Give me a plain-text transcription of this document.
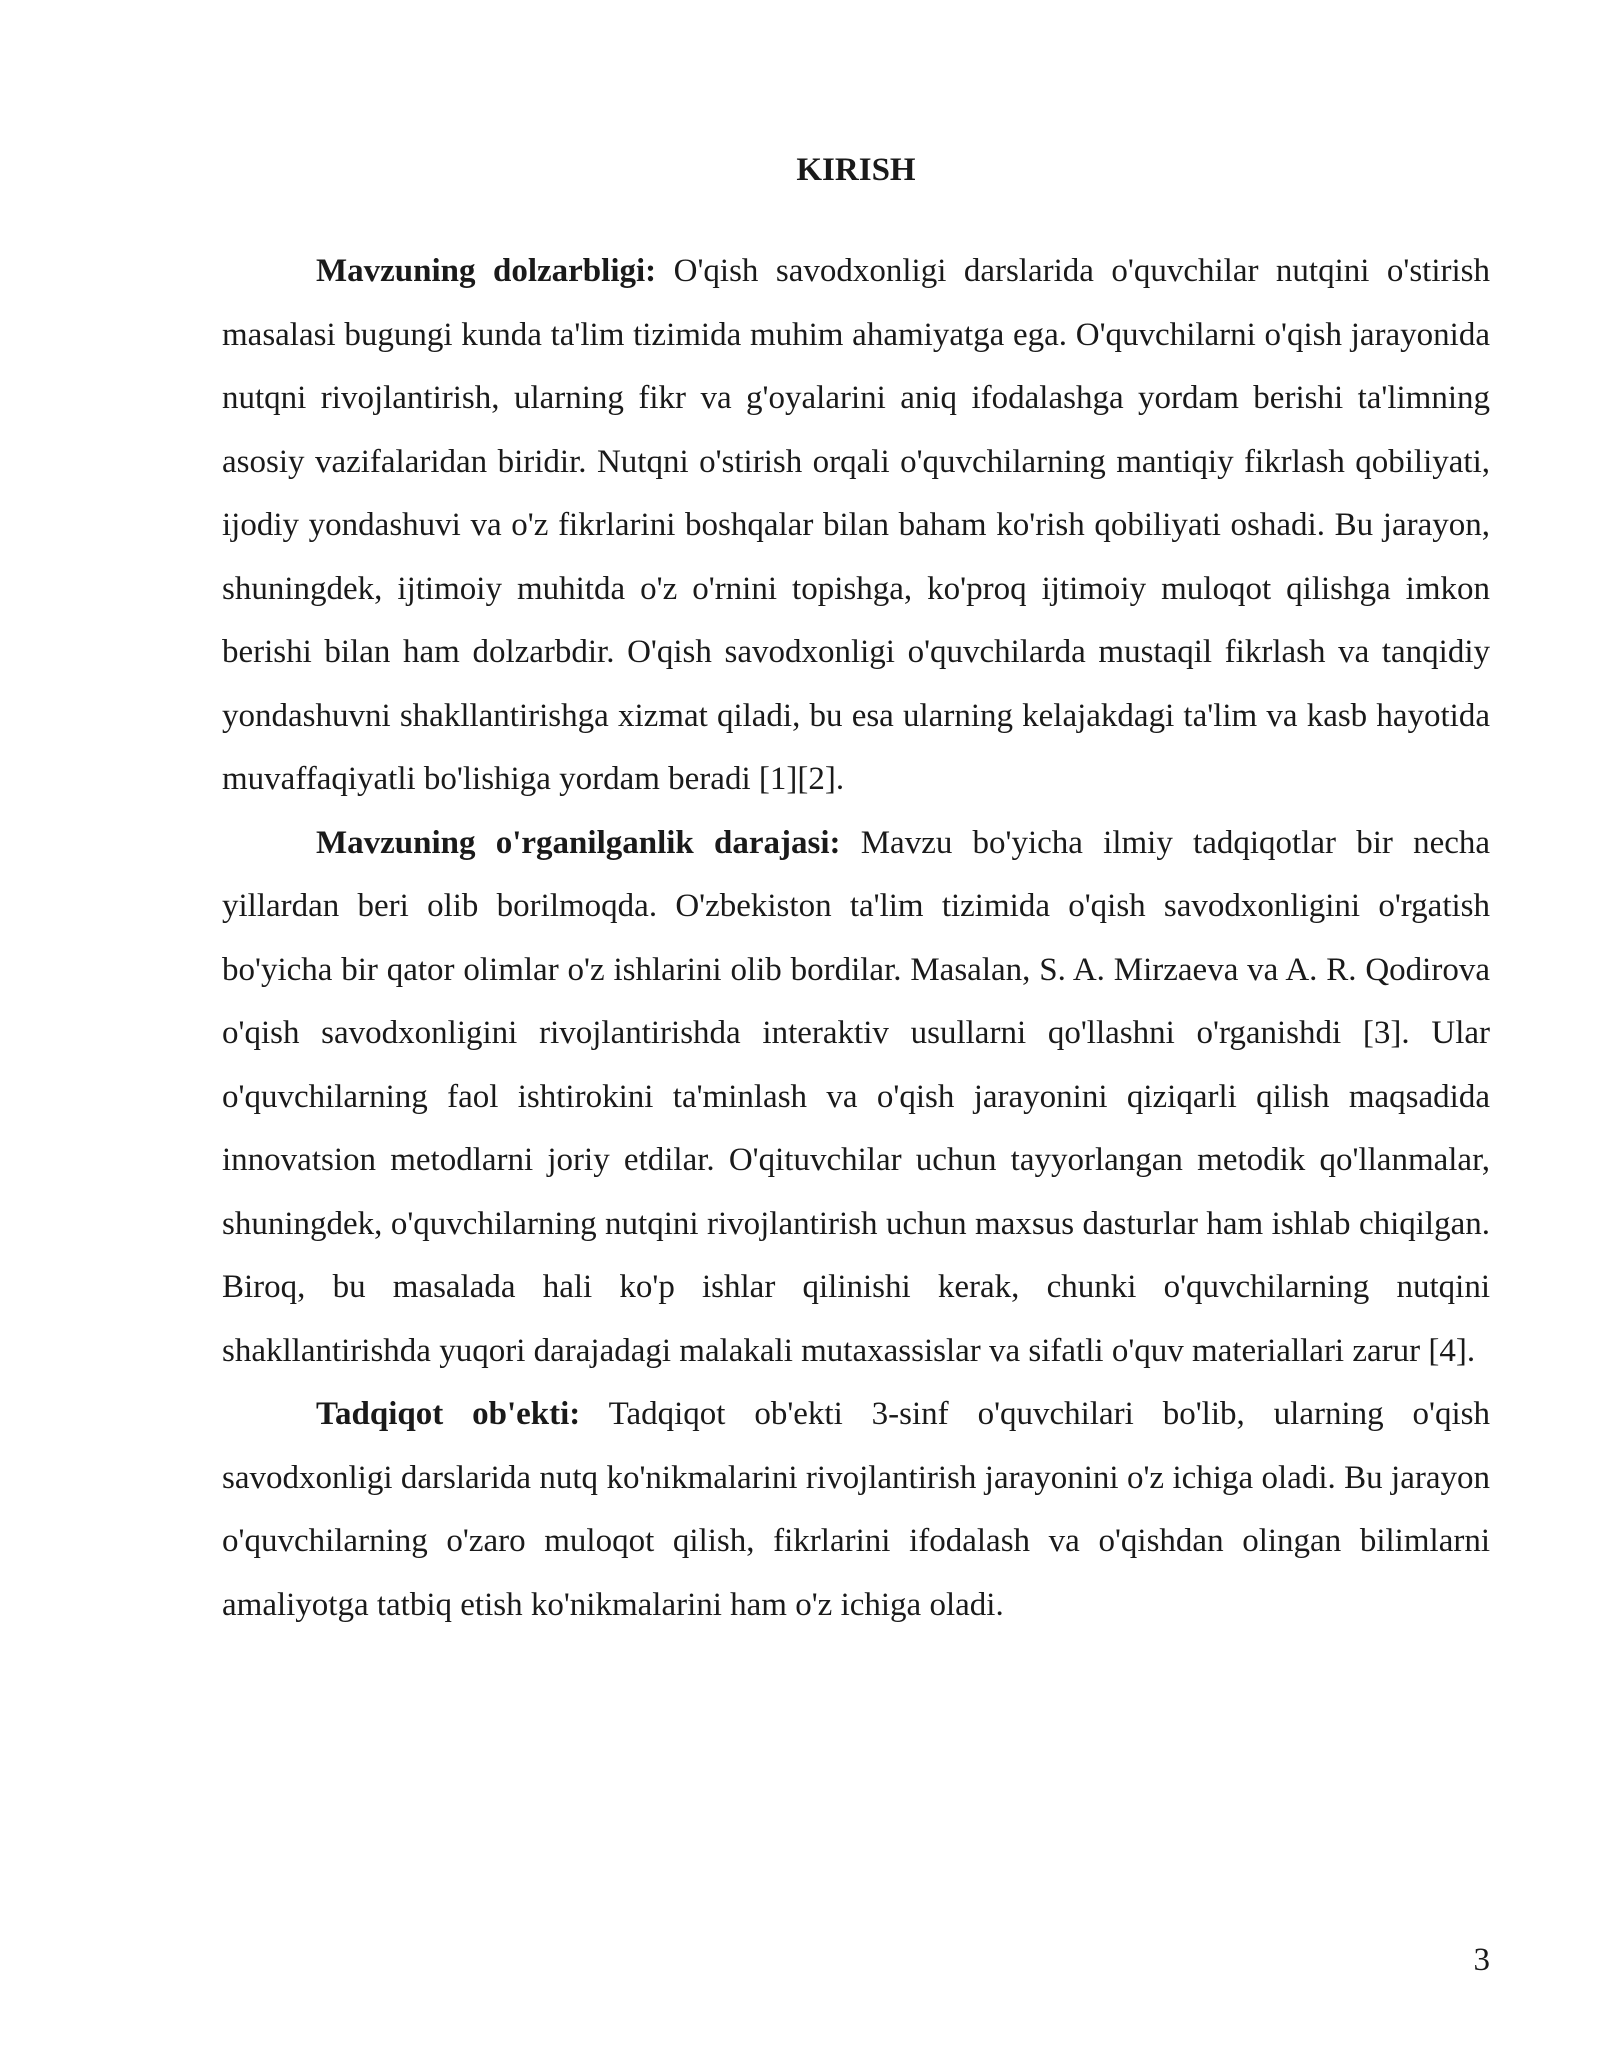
KIRISH

Mavzuning dolzarbligi: O'qish savodxonligi darslarida o'quvchilar nutqini o'stirish masalasi bugungi kunda ta'lim tizimida muhim ahamiyatga ega. O'quvchilarni o'qish jarayonida nutqni rivojlantirish, ularning fikr va g'oyalarini aniq ifodalashga yordam berishi ta'limning asosiy vazifalaridan biridir. Nutqni o'stirish orqali o'quvchilarning mantiqiy fikrlash qobiliyati, ijodiy yondashuvi va o'z fikrlarini boshqalar bilan baham ko'rish qobiliyati oshadi. Bu jarayon, shuningdek, ijtimoiy muhitda o'z o'rnini topishga, ko'proq ijtimoiy muloqot qilishga imkon berishi bilan ham dolzarbdir. O'qish savodxonligi o'quvchilarda mustaqil fikrlash va tanqidiy yondashuvni shakllantirishga xizmat qiladi, bu esa ularning kelajakdagi ta'lim va kasb hayotida muvaffaqiyatli bo'lishiga yordam beradi [1][2].

Mavzuning o'rganilganlik darajasi: Mavzu bo'yicha ilmiy tadqiqotlar bir necha yillardan beri olib borilmoqda. O'zbekiston ta'lim tizimida o'qish savodxonligini o'rgatish bo'yicha bir qator olimlar o'z ishlarini olib bordilar. Masalan, S. A. Mirzaeva va A. R. Qodirova o'qish savodxonligini rivojlantirishda interaktiv usullarni qo'llashni o'rganishdi [3]. Ular o'quvchilarning faol ishtirokini ta'minlash va o'qish jarayonini qiziqarli qilish maqsadida innovatsion metodlarni joriy etdilar. O'qituvchilar uchun tayyorlangan metodik qo'llanmalar, shuningdek, o'quvchilarning nutqini rivojlantirish uchun maxsus dasturlar ham ishlab chiqilgan. Biroq, bu masalada hali ko'p ishlar qilinishi kerak, chunki o'quvchilarning nutqini shakllantirishda yuqori darajadagi malakali mutaxassislar va sifatli o'quv materiallari zarur [4].

Tadqiqot ob'ekti: Tadqiqot ob'ekti 3-sinf o'quvchilari bo'lib, ularning o'qish savodxonligi darslarida nutq ko'nikmalarini rivojlantirish jarayonini o'z ichiga oladi. Bu jarayon o'quvchilarning o'zaro muloqot qilish, fikrlarini ifodalash va o'qishdan olingan bilimlarni amaliyotga tatbiq etish ko'nikmalarini ham o'z ichiga oladi.

3
